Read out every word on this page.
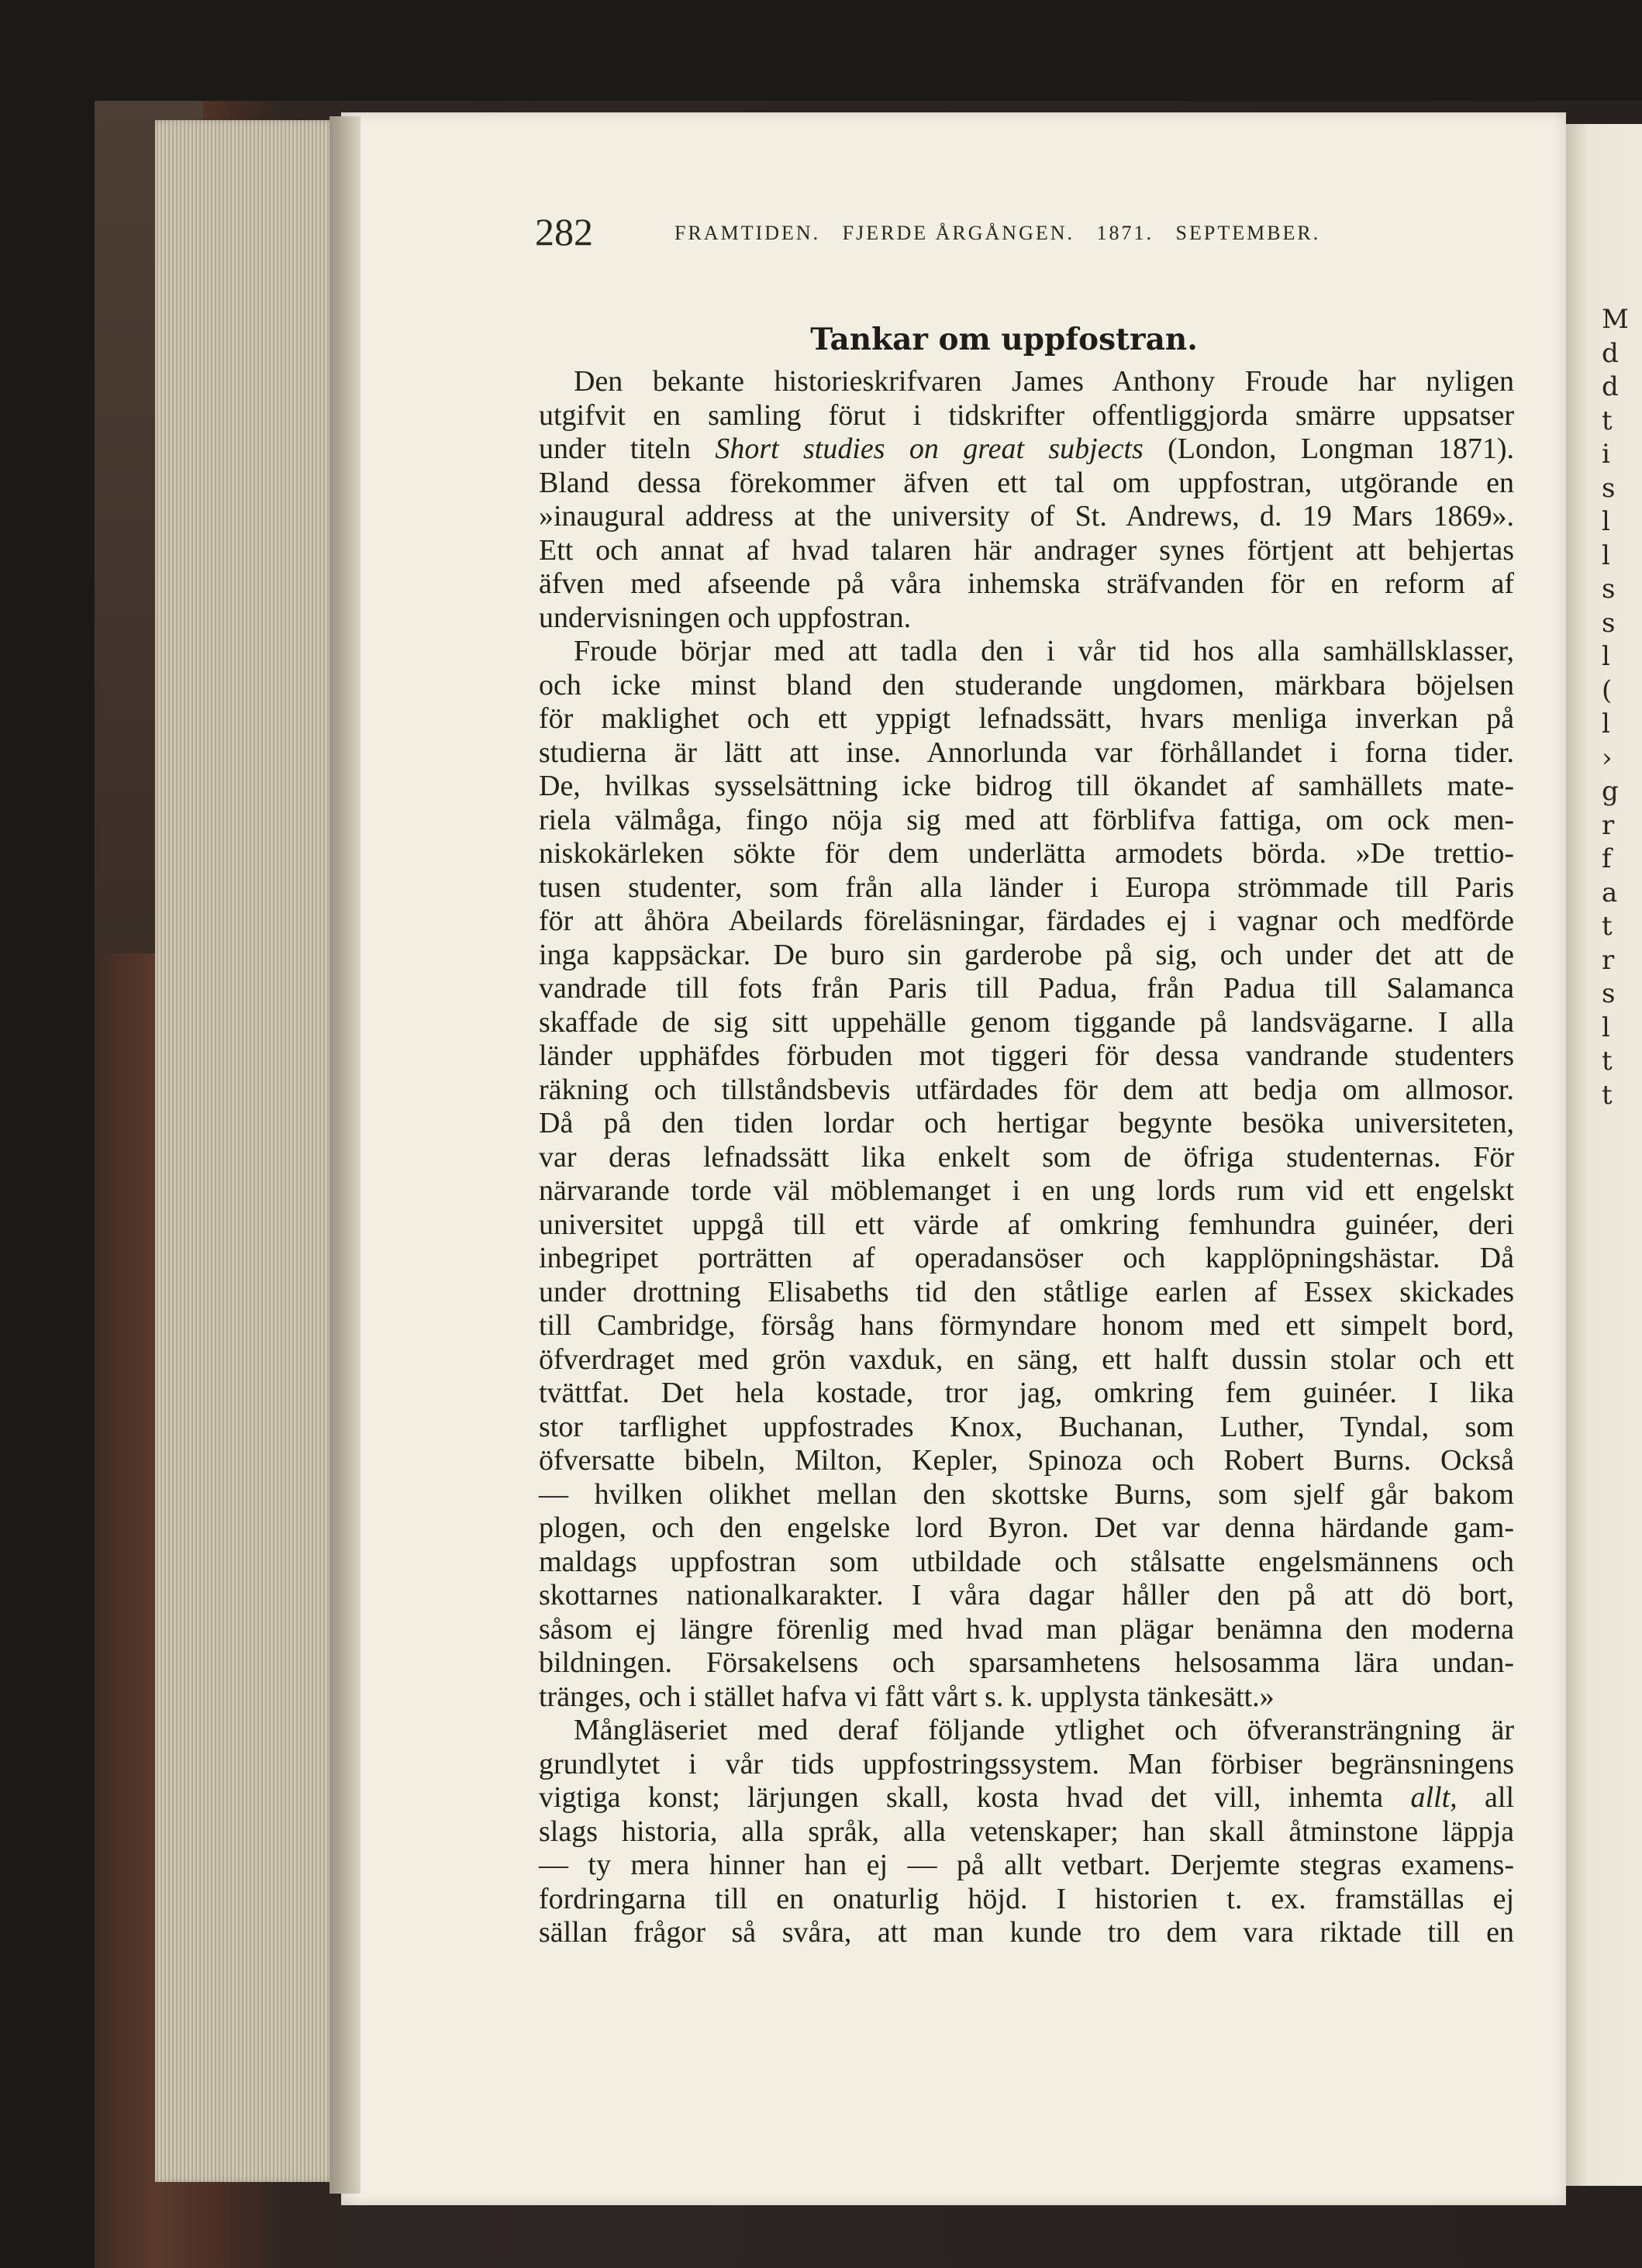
282	FRAMTIDEN.   FJERDE ÅRGÅNGEN.   1871.   SEPTEMBER.
Tankar om uppfostran.
Den bekante historieskrifvaren James Anthony Froude har nyligen
utgifvit en samling förut i tidskrifter offentliggjorda smärre uppsatser
under titeln Short studies on great subjects (London, Longman 1871).
Bland dessa förekommer äfven ett tal om uppfostran, utgörande en
»inaugural address at the university of St. Andrews, d. 19 Mars 1869».
Ett och annat af hvad talaren här andrager synes förtjent att behjertas
äfven med afseende på våra inhemska sträfvanden för en reform af
undervisningen och uppfostran.
Froude börjar med att tadla den i vår tid hos alla samhällsklasser,
och icke minst bland den studerande ungdomen, märkbara böjelsen
för maklighet och ett yppigt lefnadssätt, hvars menliga inverkan på
studierna är lätt att inse. Annorlunda var förhållandet i forna tider.
De, hvilkas sysselsättning icke bidrog till ökandet af samhällets mate-
riela välmåga, fingo nöja sig med att förblifva fattiga, om ock men-
niskokärleken sökte för dem underlätta armodets börda. »De trettio-
tusen studenter, som från alla länder i Europa strömmade till Paris
för att åhöra Abeilards föreläsningar, färdades ej i vagnar och medförde
inga kappsäckar. De buro sin garderobe på sig, och under det att de
vandrade till fots från Paris till Padua, från Padua till Salamanca
skaffade de sig sitt uppehälle genom tiggande på landsvägarne. I alla
länder upphäfdes förbuden mot tiggeri för dessa vandrande studenters
räkning och tillståndsbevis utfärdades för dem att bedja om allmosor.
Då på den tiden lordar och hertigar begynte besöka universiteten,
var deras lefnadssätt lika enkelt som de öfriga studenternas. För
närvarande torde väl möblemanget i en ung lords rum vid ett engelskt
universitet uppgå till ett värde af omkring femhundra guinéer, deri
inbegripet porträtten af operadansöser och kapplöpningshästar. Då
under drottning Elisabeths tid den ståtlige earlen af Essex skickades
till Cambridge, försåg hans förmyndare honom med ett simpelt bord,
öfverdraget med grön vaxduk, en säng, ett halft dussin stolar och ett
tvättfat. Det hela kostade, tror jag, omkring fem guinéer. I lika
stor tarflighet uppfostrades Knox, Buchanan, Luther, Tyndal, som
öfversatte bibeln, Milton, Kepler, Spinoza och Robert Burns. Också
— hvilken olikhet mellan den skottske Burns, som sjelf går bakom
plogen, och den engelske lord Byron. Det var denna härdande gam-
maldags uppfostran som utbildade och stålsatte engelsmännens och
skottarnes nationalkarakter. I våra dagar håller den på att dö bort,
såsom ej längre förenlig med hvad man plägar benämna den moderna
bildningen. Försakelsens och sparsamhetens helsosamma lära undan-
tränges, och i stället hafva vi fått vårt s. k. upplysta tänkesätt.»
Mångläseriet med deraf följande ytlighet och öfveransträngning är
grundlytet i vår tids uppfostringssystem. Man förbiser begränsningens
vigtiga konst; lärjungen skall, kosta hvad det vill, inhemta allt, all
slags historia, alla språk, alla vetenskaper; han skall åtminstone läppja
— ty mera hinner han ej — på allt vetbart. Derjemte stegras examens-
fordringarna till en onaturlig höjd. I historien t. ex. framställas ej
sällan frågor så svåra, att man kunde tro dem vara riktade till en
M
d
d
t
i
s
l
l
s
s
l
(
l
›
g
r
f
a
t
r
s
l
t
t
